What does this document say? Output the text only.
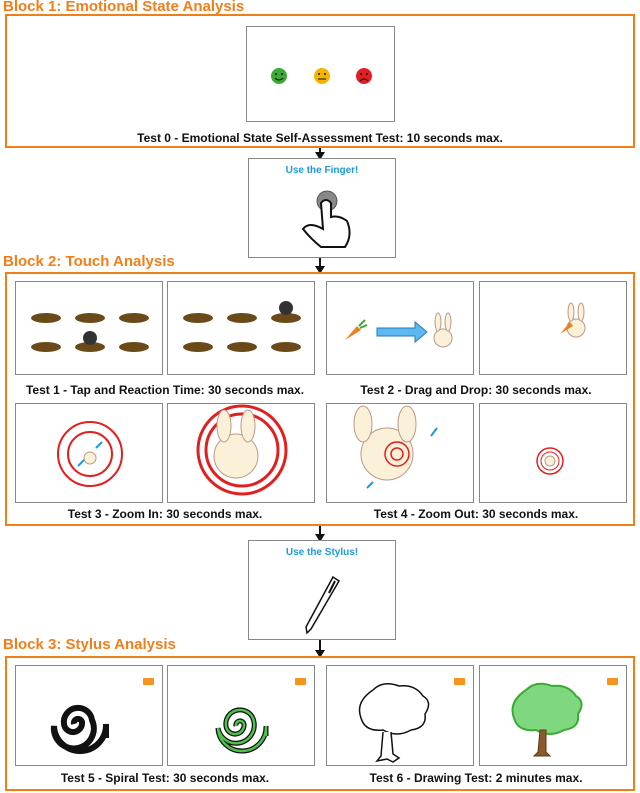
Block 1: Emotional State Analysis
Test 0 - Emotional State Self-Assessment Test: 10 seconds max.
Use the Finger!
Block 2: Touch Analysis
Test 1 - Tap and Reaction Time: 30 seconds max.	Test 2 - Drag and Drop: 30 seconds max.
Test 3 - Zoom In: 30 seconds max.	Test 4 - Zoom Out: 30 seconds max.
Use the Stylus!
Block 3: Stylus Analysis
Test 5 - Spiral Test: 30 seconds max.	Test 6 - Drawing Test: 2 minutes max.
